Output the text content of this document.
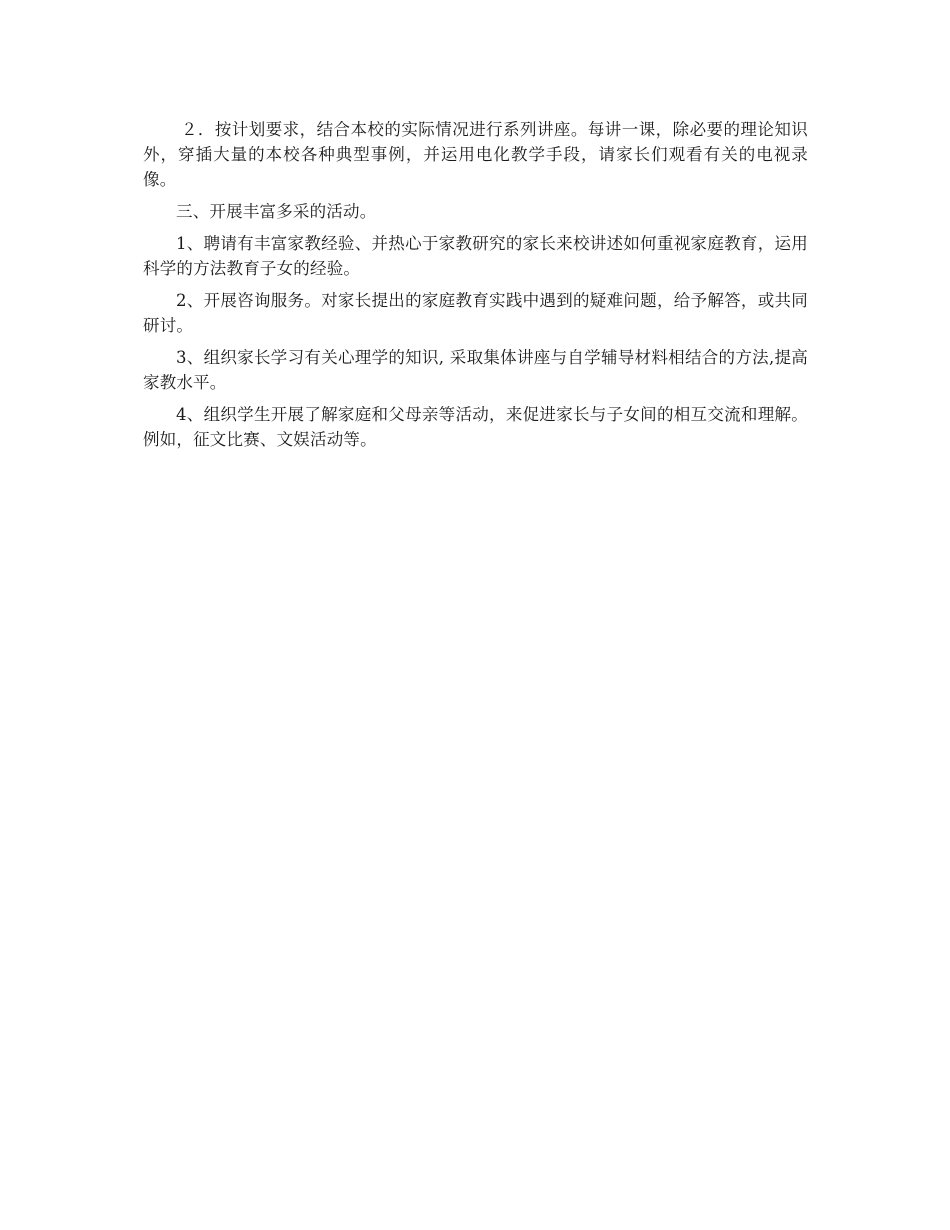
２．按计划要求，结合本校的实际情况进行系列讲座。每讲一课，除必要的理论知识外，穿插大量的本校各种典型事例，并运用电化教学手段，请家长们观看有关的电视录像。

三、开展丰富多采的活动。

1、聘请有丰富家教经验、并热心于家教研究的家长来校讲述如何重视家庭教育，运用科学的方法教育子女的经验。

2、开展咨询服务。对家长提出的家庭教育实践中遇到的疑难问题，给予解答，或共同研讨。

3、组织家长学习有关心理学的知识, 采取集体讲座与自学辅导材料相结合的方法,提高家教水平。

4、组织学生开展了解家庭和父母亲等活动，来促进家长与子女间的相互交流和理解。例如，征文比赛、文娱活动等。
